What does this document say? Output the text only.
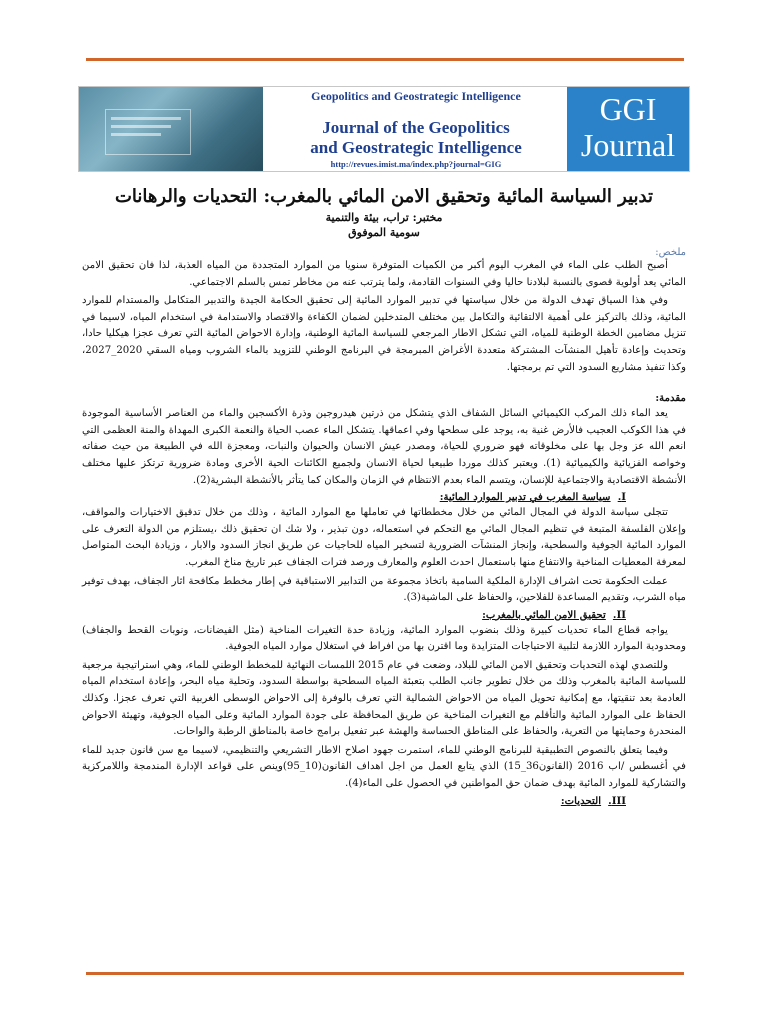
Geopolitics and Geostrategic Intelligence
Journal of the Geopolitics
and Geostrategic Intelligence
http://revues.imist.ma/index.php?journal=GIG
GGI
Journal
تدبير السياسة المائية وتحقيق الامن المائي بالمغرب: التحديات والرهانات
مختبر: تراب، بيئة والتنمية
سومية الموفوق
ملخص:

أصبح الطلب على الماء في المغرب اليوم أكبر من الكميات المتوفرة سنويا من الموارد المتجددة من المياه العذبة، لذا فان تحقيق الامن المائي يعد أولوية قصوى بالنسبة لبلادنا حاليا وفي السنوات القادمة، ولما يترتب عنه من مخاطر تمس بالسلم الاجتماعي.

وفي هذا السياق تهدف الدولة من خلال سياستها في تدبير الموارد المائية إلى تحقيق الحكامة الجيدة والتدبير المتكامل والمستدام للموارد المائية، وذلك بالتركيز على أهمية الالتقائية والتكامل بين مختلف المتدخلين لضمان الكفاءة والاقتصاد والاستدامة في استخدام المياه، لاسيما في تنزيل مضامين الخطة الوطنية للمياه، التي تشكل الاطار المرجعي للسياسة المائية الوطنية، وإدارة الاحواض المائية التي تعرف عجزا هيكليا حادا، وتحديث وإعادة تأهيل المنشآت المشتركة متعددة الأغراض المبرمجة في البرنامج الوطني للتزويد بالماء الشروب ومياه السقي 2020_2027، وكذا تنفيذ مشاريع السدود التي تم برمجتها.

مقدمة:

يعد الماء ذلك المركب الكيميائي السائل الشفاف الذي يتشكل من ذرتين هيدروجين وذرة الأكسجين والماء من العناصر الأساسية الموجودة في هذا الكوكب العجيب فالأرض غنية به، يوجد على سطحها وفي اعماقها. يتشكل الماء عصب الحياة والنعمة الكبرى المهداة والمنة العظمى التي انعم الله عز وجل بها على مخلوقاته فهو ضروري للحياة، ومصدر عيش الانسان والحيوان والنبات، ومعجزة الله في الطبيعة من حيث صفاته وخواصه الفزيائية والكيميائية (1). ويعتبر كذلك موردا طبيعيا لحياة الانسان ولجميع الكائنات الحية الأخرى ومادة ضرورية ترتكز عليها مختلف الأنشطة الاقتصادية والاجتماعية للإنسان، ويتسم الماء بعدم الانتظام في الزمان والمكان كما يتأثر بالأنشطة البشرية(2).

I.  سياسة المغرب في تدبير الموارد المائية:

تتجلى سياسة الدولة في المجال المائي من خلال مخططاتها في تعاملها مع الموارد المائية ، وذلك من خلال تدقيق الاختيارات والمواقف، وإعلان الفلسفة المتبعة في تنظيم المجال المائي مع التحكم في استعماله، دون تبذير ، ولا شك ان تحقيق ذلك ،يستلزم من الدولة التعرف على الموارد المائية الجوفية والسطحية، وإنجاز المنشآت الضرورية لتسخير المياه للحاجيات عن طريق انجاز السدود والابار ، وزيادة البحث المتواصل لمعرفة المعطيات المناخية والانتفاع منها باستعمال احدث العلوم والمعارف ورصد فترات الجفاف عبر تاريخ مناخ المغرب.

عملت الحكومة تحت اشراف الإدارة الملكية السامية باتخاذ مجموعة من التدابير الاستباقية في إطار مخطط مكافحة اثار الجفاف، بهدف توفير مياه الشرب، وتقديم المساعدة للفلاحين، والحفاظ على الماشية(3).

II.  تحقيق الامن المائي بالمغرب:

يواجه قطاع الماء تحديات كبيرة وذلك بنضوب الموارد المائية، وزيادة حدة التغيرات المناخية (مثل الفيضانات، ونوبات القحط والجفاف) ومحدودية الموارد اللازمة لتلبية الاحتياجات المتزايدة وما اقترن بها من افراط في استغلال موارد المياه الجوفية.

وللتصدي لهذه التحديات وتحقيق الامن المائي للبلاد، وضعت في عام 2015 اللمسات النهائية للمخطط الوطني للماء، وهي استراتيجية مرجعية للسياسة المائية بالمغرب وذلك من خلال تطوير جانب الطلب بتعبئة المياه السطحية بواسطة السدود، وتحلية مياه البحر، وإعادة استخدام المياه العادمة بعد تنقيتها، مع إمكانية تحويل المياه من الاحواض الشمالية التي تعرف بالوفرة إلى الاحواض الوسطى الغربية التي تعرف عجزا. وكذلك الحفاظ على الموارد المائية والتأقلم مع التغيرات المناخية عن طريق المحافظة على جودة الموارد المائية وعلى المياه الجوفية، وتهيئة الاحواض المنحدرة وحمايتها من التعرية، والحفاظ على المناطق الحساسة والهشة عبر تفعيل برامج خاصة بالمناطق الرطبة والواحات.

وفيما يتعلق بالنصوص التطبيقية للبرنامج الوطني للماء، استمرت جهود اصلاح الاطار التشريعي والتنظيمي، لاسيما مع سن قانون جديد للماء في أغسطس /اب 2016 (القانون36_15) الذي يتابع العمل من اجل اهداف القانون(10_95)وينص على قواعد الإدارة المندمجة واللامركزية والتشاركية للموارد المائية بهدف ضمان حق المواطنين في الحصول على الماء(4).

III.  التحديات:
